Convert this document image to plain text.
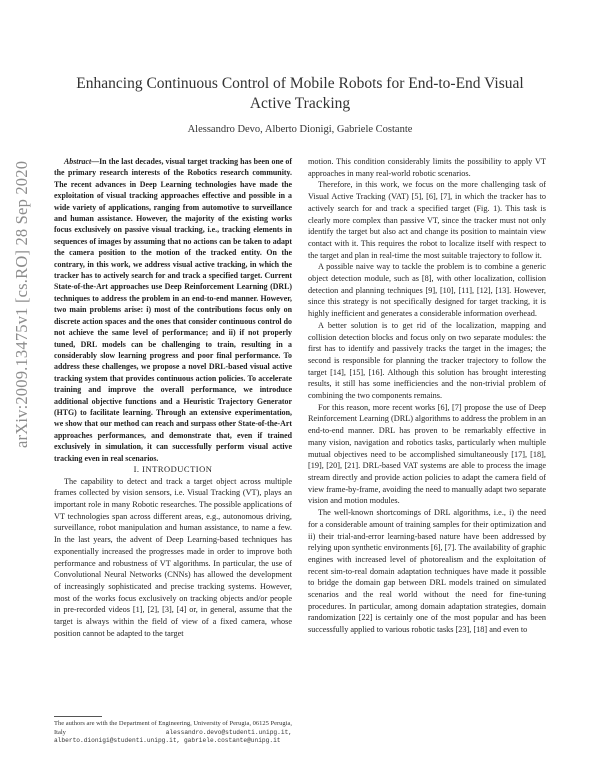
Enhancing Continuous Control of Mobile Robots for End-to-End Visual
Active Tracking
Alessandro Devo, Alberto Dionigi, Gabriele Costante
arXiv:2009.13475v1 [cs.RO] 28 Sep 2020	Abstract—In the last decades, visual target tracking has been one of the primary research interests of the Robotics research community. The recent advances in Deep Learning technologies have made the exploitation of visual tracking approaches effective and possible in a wide variety of applications, ranging from automotive to surveillance and human assistance. However, the majority of the existing works focus exclusively on passive visual tracking, i.e., tracking elements in sequences of images by assuming that no actions can be taken to adapt the camera position to the motion of the tracked entity. On the contrary, in this work, we address visual active tracking, in which the tracker has to actively search for and track a specified target. Current State-of-the-Art approaches use Deep Reinforcement Learning (DRL) techniques to address the problem in an end-to-end manner. However, two main problems arise: i) most of the contributions focus only on discrete action spaces and the ones that consider continuous control do not achieve the same level of performance; and ii) if not properly tuned, DRL models can be challenging to train, resulting in a considerably slow learning progress and poor final performance. To address these challenges, we propose a novel DRL-based visual active tracking system that provides continuous action policies. To accelerate training and improve the overall performance, we introduce additional objective functions and a Heuristic Trajectory Generator (HTG) to facilitate learning. Through an extensive experimentation, we show that our method can reach and surpass other State-of-the-Art approaches performances, and demonstrate that, even if trained exclusively in simulation, it can successfully perform visual active tracking even in real scenarios.

I. INTRODUCTION

The capability to detect and track a target object across multiple frames collected by vision sensors, i.e. Visual Tracking (VT), plays an important role in many Robotic researches. The possible applications of VT technologies span across different areas, e.g., autonomous driving, surveillance, robot manipulation and human assistance, to name a few. In the last years, the advent of Deep Learning-based techniques has exponentially increased the progresses made in order to improve both performance and robustness of VT algorithms. In particular, the use of Convolutional Neural Networks (CNNs) has allowed the development of increasingly sophisticated and precise tracking systems. However, most of the works focus exclusively on tracking objects and/or people in pre-recorded videos [1], [2], [3], [4] or, in general, assume that the target is always within the field of view of a fixed camera, whose position cannot be adapted to the target

motion. This condition considerably limits the possibility to apply VT approaches in many real-world robotic scenarios.

Therefore, in this work, we focus on the more challenging task of Visual Active Tracking (VAT) [5], [6], [7], in which the tracker has to actively search for and track a specified target (Fig. 1). This task is clearly more complex than passive VT, since the tracker must not only identify the target but also act and change its position to maintain view contact with it. This requires the robot to localize itself with respect to the target and plan in real-time the most suitable trajectory to follow it.

A possible naive way to tackle the problem is to combine a generic object detection module, such as [8], with other localization, collision detection and planning techniques [9], [10], [11], [12], [13]. However, since this strategy is not specifically designed for target tracking, it is highly inefficient and generates a considerable information overhead.

A better solution is to get rid of the localization, mapping and collision detection blocks and focus only on two separate modules: the first has to identify and passively tracks the target in the images; the second is responsible for planning the tracker trajectory to follow the target [14], [15], [16]. Although this solution has brought interesting results, it still has some inefficiencies and the non-trivial problem of combining the two components remains.

For this reason, more recent works [6], [7] propose the use of Deep Reinforcement Learning (DRL) algorithms to address the problem in an end-to-end manner. DRL has proven to be remarkably effective in many vision, navigation and robotics tasks, particularly when multiple mutual objectives need to be accomplished simultaneously [17], [18], [19], [20], [21]. DRL-based VAT systems are able to process the image stream directly and provide action policies to adapt the camera field of view frame-by-frame, avoiding the need to manually adapt two separate vision and motion modules.

The well-known shortcomings of DRL algorithms, i.e., i) the need for a considerable amount of training samples for their optimization and ii) their trial-and-error learning-based nature have been addressed by relying upon synthetic environments [6], [7]. The availability of graphic engines with increased level of photorealism and the exploitation of recent sim-to-real domain adaptation techniques have made it possible to bridge the domain gap between DRL models trained on simulated scenarios and the real world without the need for fine-tuning procedures. In particular, among domain adaptation strategies, domain randomization [22] is certainly one of the most popular and has been successfully applied to various robotic tasks [23], [18] and even to

The authors are with the Department of Engineering, University of Perugia, 06125 Perugia, Italy	alessandro.devo@studenti.unipg.it, alberto.dionigi@studenti.unipg.it, gabriele.costante@unipg.it
